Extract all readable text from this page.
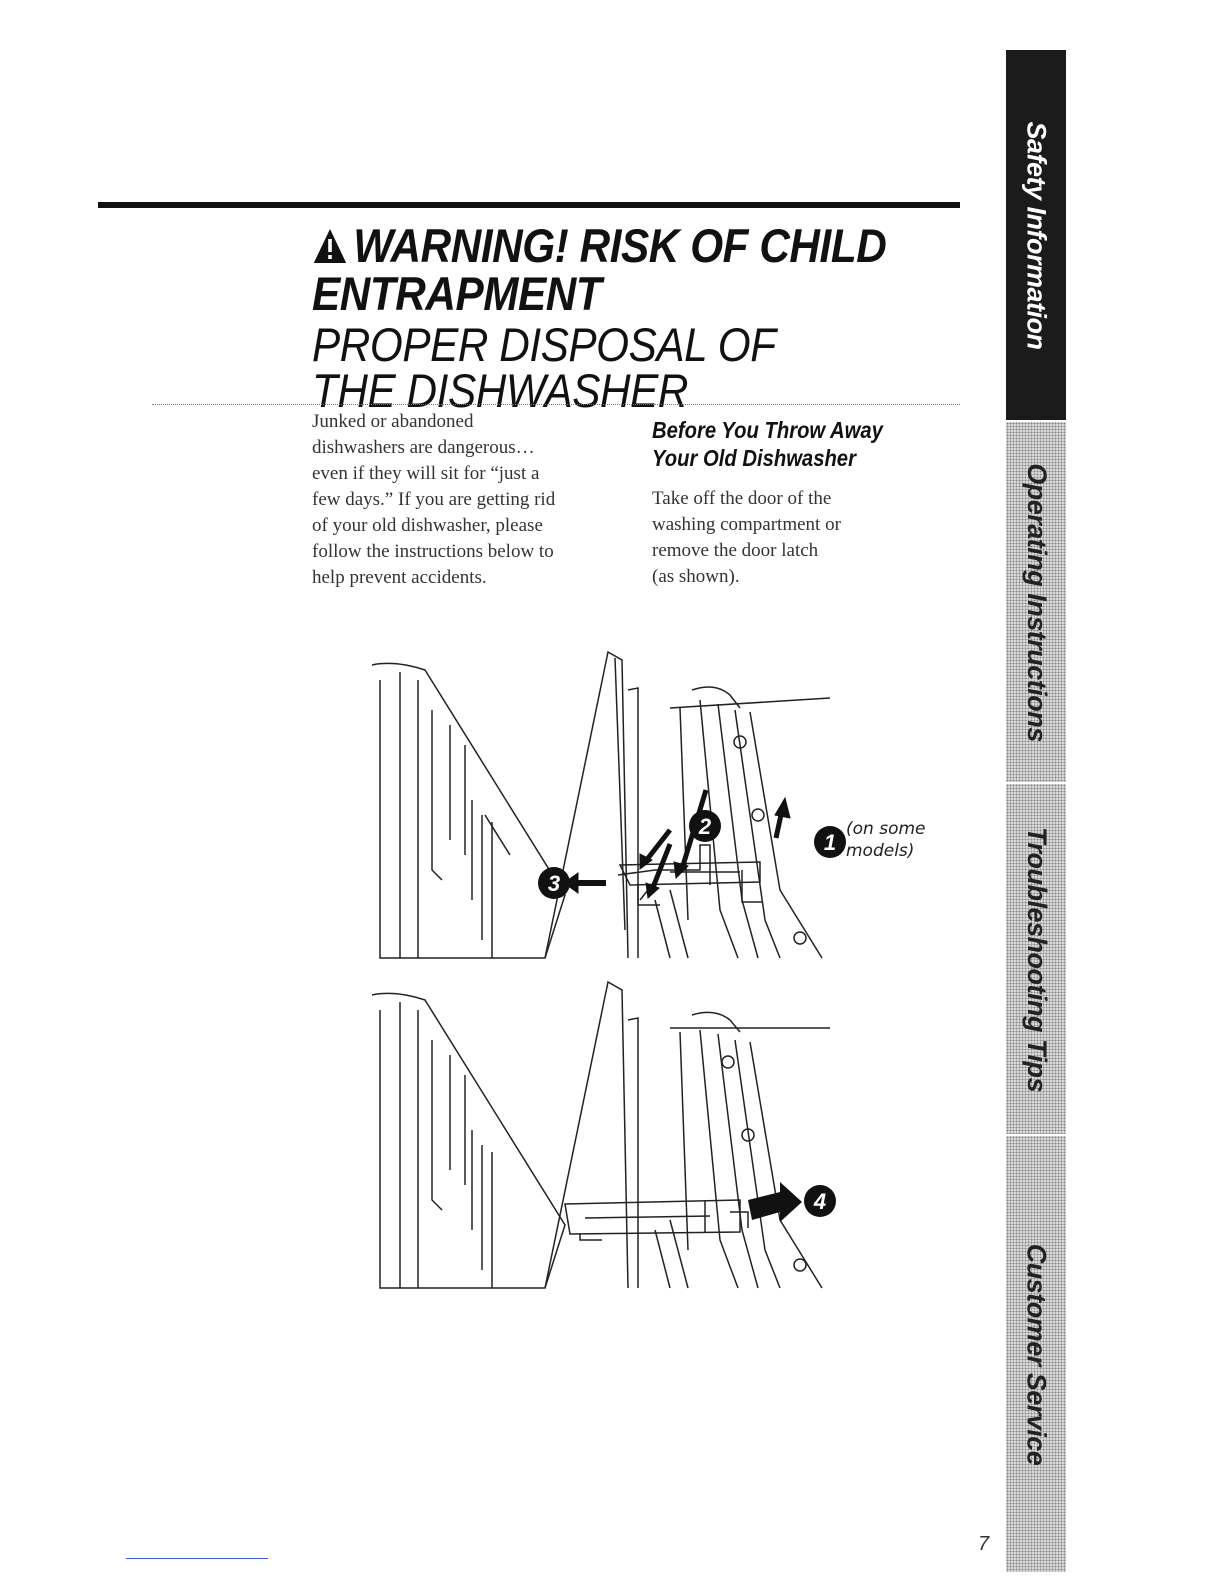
WARNING! RISK OF CHILD
ENTRAPMENT
PROPER DISPOSAL OF
THE DISHWASHER
Junked or abandoned
dishwashers are dangerous…
even if they will sit for “just a
few days.” If you are getting rid
of your old dishwasher, please
follow the instructions below to
help prevent accidents.
Before You Throw Away
Your Old Dishwasher
Take off the door of the
washing compartment or
remove the door latch
(as shown).
2
3
1
4
(on some
models)
Safety Information
Operating Instructions
Troubleshooting Tips
Customer Service
7
